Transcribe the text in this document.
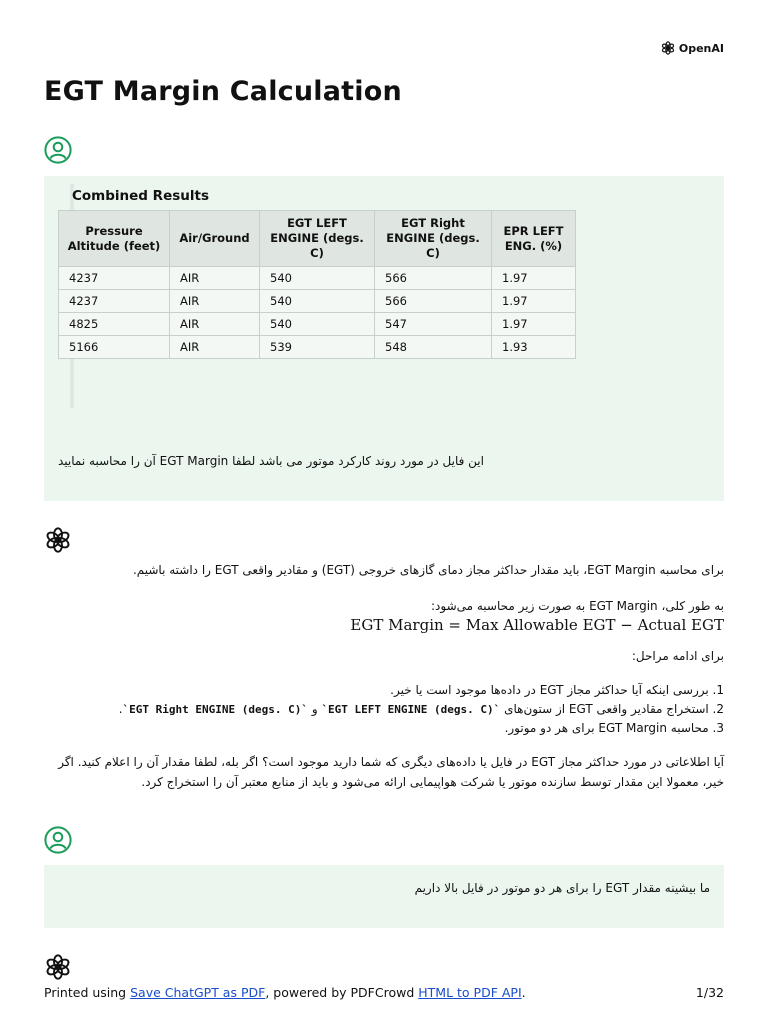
OpenAI
EGT Margin Calculation
Combined Results
Pressure Altitude (feet)	Air/Ground	EGT LEFT ENGINE (degs. C)	EGT Right ENGINE (degs. C)	EPR LEFT ENG. (%)
4237	AIR	540	566	1.97
4237	AIR	540	566	1.97
4825	AIR	540	547	1.97
5166	AIR	539	548	1.93
آن را محاسبه نمایید EGT Margin این فایل در مورد روند کارکرد موتور می باشد لطفا

برای محاسبه EGT Margin، باید مقدار حداکثر مجاز دمای گازهای خروجی (EGT) و مقادیر واقعی EGT را داشته باشیم.

به طور کلی، EGT Margin به صورت زیر محاسبه می‌شود:

EGT Margin = Max Allowable EGT − Actual EGT

برای ادامه مراحل:

1. بررسی اینکه آیا حداکثر مجاز EGT در داده‌ها موجود است یا خیر.
2. استخراج مقادیر واقعی EGT از ستون‌های `EGT LEFT ENGINE (degs. C)` و `EGT Right ENGINE (degs. C)`.
3. محاسبه EGT Margin برای هر دو موتور.

آیا اطلاعاتی در مورد حداکثر مجاز EGT در فایل یا داده‌های دیگری که شما دارید موجود است؟ اگر بله، لطفا مقدار آن را اعلام کنید. اگر خیر، معمولا این مقدار توسط سازنده موتور یا شرکت هواپیمایی ارائه می‌شود و باید از منابع معتبر آن را استخراج کرد.

ما بیشینه مقدار EGT را برای هر دو موتور در فایل بالا داریم
Printed using Save ChatGPT as PDF, powered by PDFCrowd HTML to PDF API.	1/32
